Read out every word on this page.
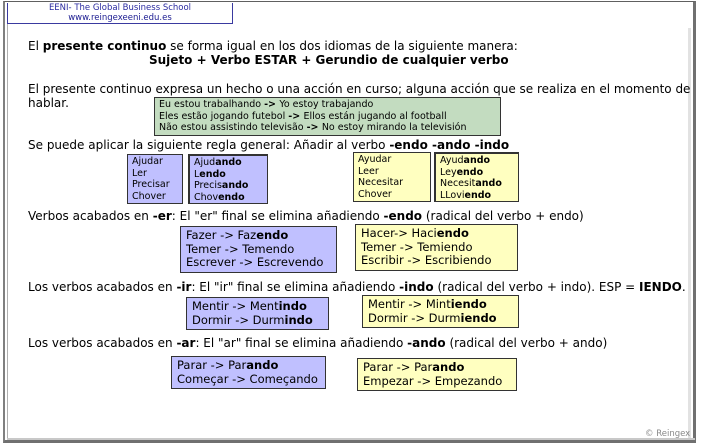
EENI- The Global Business School
www.reingexeeni.edu.es
El presente continuo se forma igual en los dos idiomas de la siguiente manera:
Sujeto + Verbo ESTAR + Gerundio de cualquier verbo
El presente continuo expresa un hecho o una acción en curso; alguna acción que se realiza en el momento de
hablar.	Eu estou trabalhando -> Yo estoy trabajando
Eles estão jogando futebol -> Ellos están jugando al football
Não estou assistindo televisão -> No estoy mirando la televisión
Se puede aplicar la siguiente regla general: Añadir al verbo -endo -ando -indo
Ajudar
Ler
Precisar
Chover
Ajudando
Lendo
Precisando
Chovendo
Ayudar
Leer
Necesitar
Chover
Ayudando
Leyendo
Necesitando
LLoviendo
Verbos acabados en -er: El "er" final se elimina añadiendo -endo (radical del verbo + endo)
Fazer -> Fazendo
Temer -> Temendo
Escrever -> Escrevendo
Hacer-> Haciendo
Temer -> Temiendo
Escribir -> Escribiendo
Los verbos acabados en -ir: El "ir" final se elimina añadiendo -indo (radical del verbo + indo). ESP = IENDO.
Mentir -> Mentindo
Dormir -> Durmindo
Mentir -> Mintiendo
Dormir -> Durmiendo
Los verbos acabados en -ar: El "ar" final se elimina añadiendo -ando (radical del verbo + ando)
Parar -> Parando
Começar -> Começando
Parar -> Parando
Empezar -> Empezando
© Reingex
